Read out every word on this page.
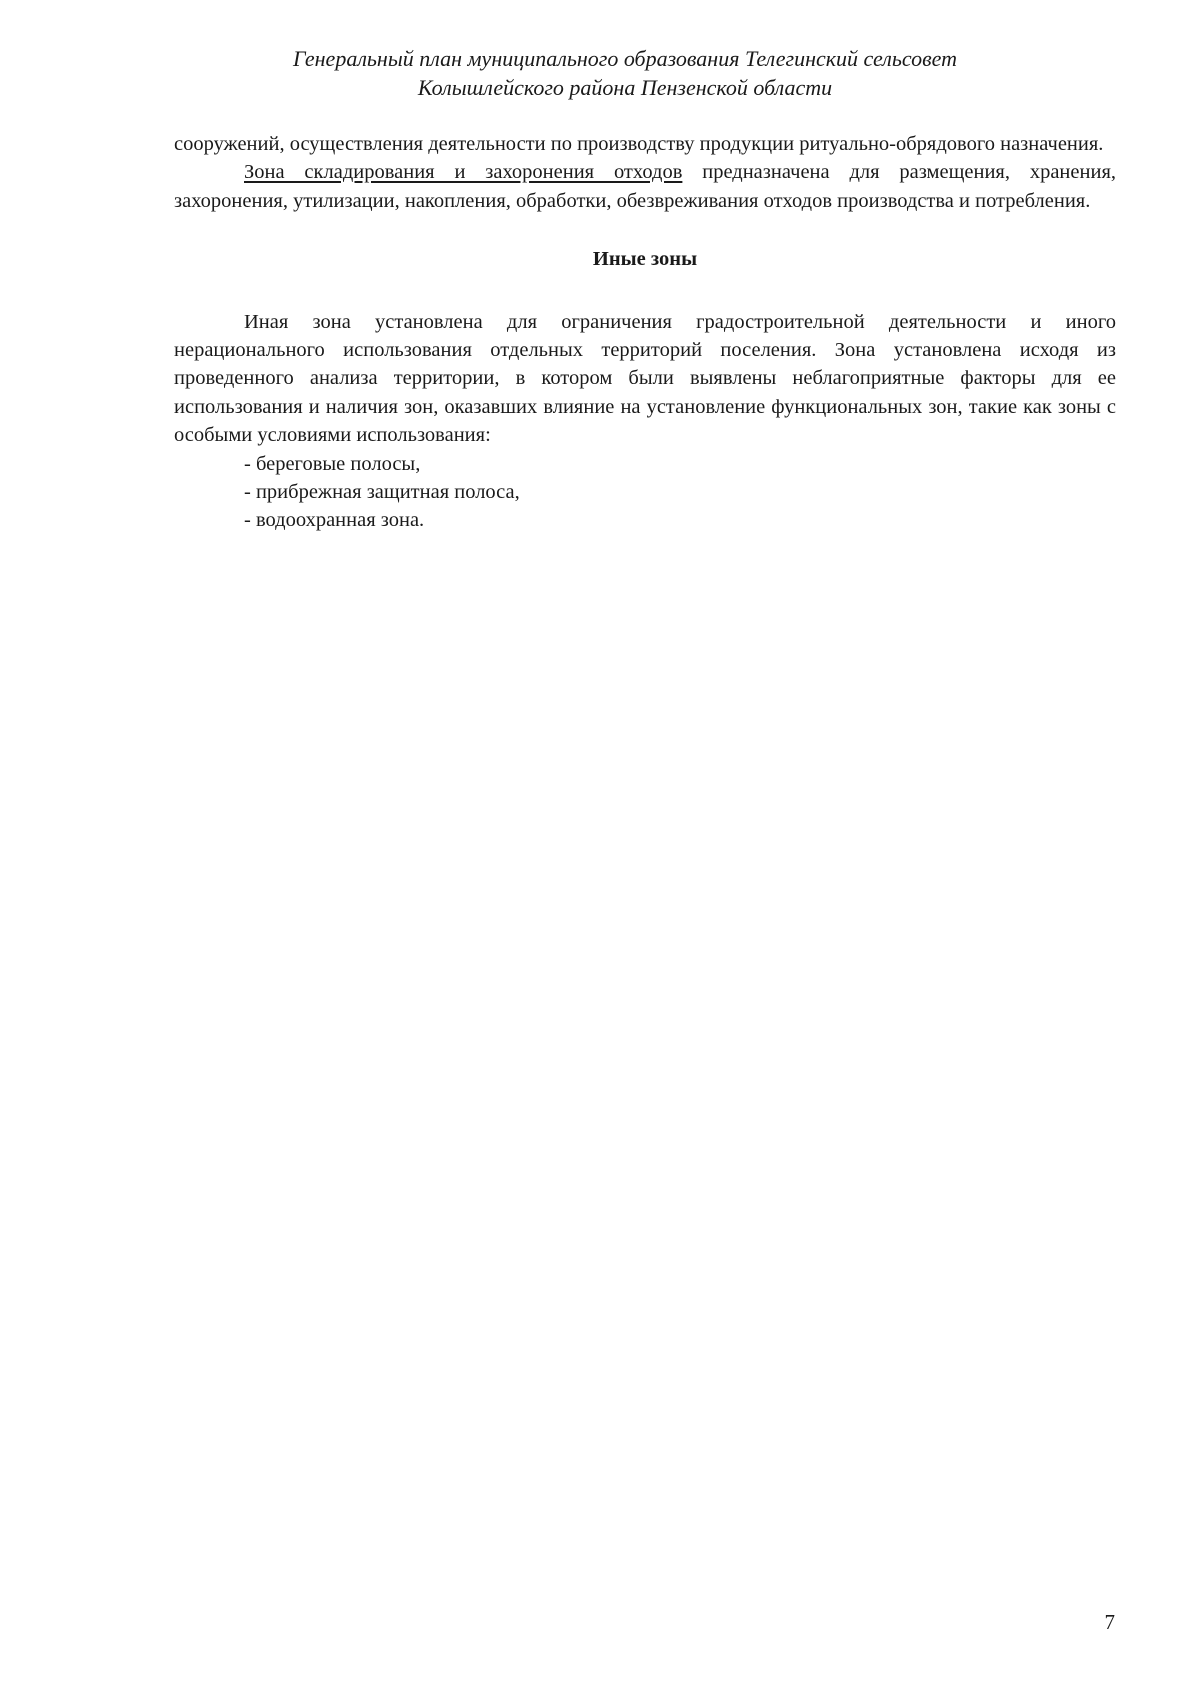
Генеральный план муниципального образования Телегинский сельсовет
Колышлейского района Пензенской области

сооружений, осуществления деятельности по производству продукции ритуально-обрядового назначения.

Зона складирования и захоронения отходов предназначена для размещения, хранения, захоронения, утилизации, накопления, обработки, обезвреживания отходов производства и потребления.

Иные зоны

Иная зона установлена для ограничения градостроительной деятельности и иного нерационального использования отдельных территорий поселения. Зона установлена исходя из проведенного анализа территории, в котором были выявлены неблагоприятные факторы для ее использования и наличия зон, оказавших влияние на установление функциональных зон, такие как зоны с особыми условиями использования:

- береговые полосы,
- прибрежная защитная полоса,
- водоохранная зона.
7
